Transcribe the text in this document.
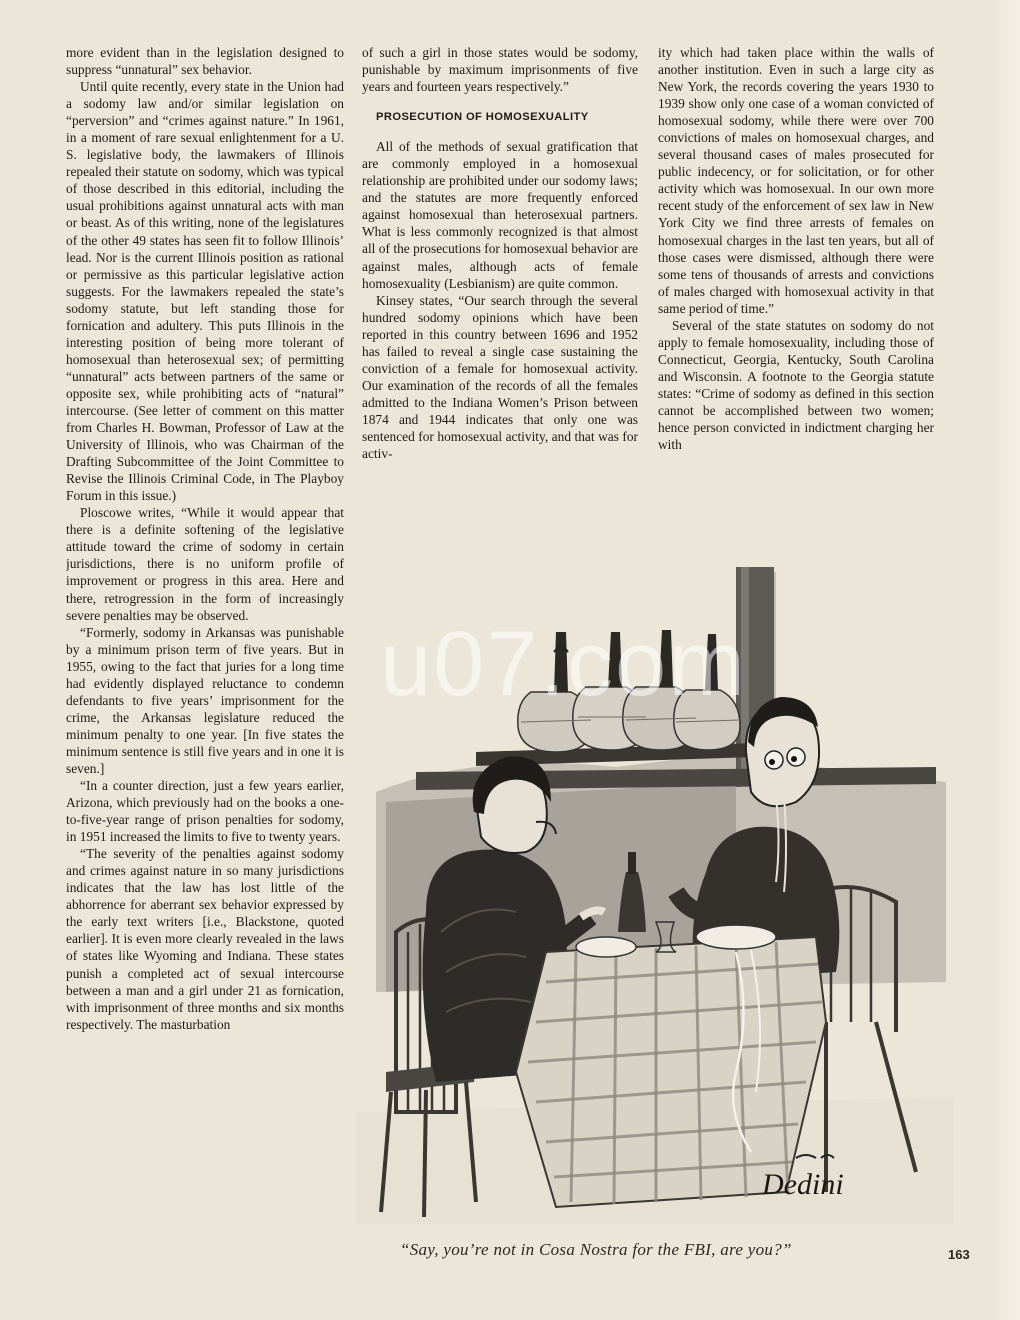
more evident than in the legislation designed to suppress “unnatural” sex behavior.

Until quite recently, every state in the Union had a sodomy law and/or similar legislation on “perversion” and “crimes against nature.” In 1961, in a moment of rare sexual enlightenment for a U. S. legislative body, the lawmakers of Illinois repealed their statute on sodomy, which was typical of those described in this editorial, including the usual prohibitions against unnatural acts with man or beast. As of this writing, none of the legislatures of the other 49 states has seen fit to follow Illinois’ lead. Nor is the current Illinois position as rational or permissive as this particular legislative action suggests. For the lawmakers repealed the state’s sodomy statute, but left standing those for fornication and adultery. This puts Illinois in the interesting position of being more tolerant of homosexual than heterosexual sex; of permitting “unnatural” acts between partners of the same or opposite sex, while prohibiting acts of “natural” intercourse. (See letter of comment on this matter from Charles H. Bowman, Professor of Law at the University of Illinois, who was Chairman of the Drafting Subcommittee of the Joint Committee to Revise the Illinois Criminal Code, in The Playboy Forum in this issue.)

Ploscowe writes, “While it would appear that there is a definite softening of the legislative attitude toward the crime of sodomy in certain jurisdictions, there is no uniform profile of improvement or progress in this area. Here and there, retrogression in the form of increasingly severe penalties may be observed.

“Formerly, sodomy in Arkansas was punishable by a minimum prison term of five years. But in 1955, owing to the fact that juries for a long time had evidently displayed reluctance to condemn defendants to five years’ imprisonment for the crime, the Arkansas legislature reduced the minimum penalty to one year. [In five states the minimum sentence is still five years and in one it is seven.]

“In a counter direction, just a few years earlier, Arizona, which previously had on the books a one-to-five-year range of prison penalties for sodomy, in 1951 increased the limits to five to twenty years.

“The severity of the penalties against sodomy and crimes against nature in so many jurisdictions indicates that the law has lost little of the abhorrence for aberrant sex behavior expressed by the early text writers [i.e., Blackstone, quoted earlier]. It is even more clearly revealed in the laws of states like Wyoming and Indiana. These states punish a completed act of sexual intercourse between a man and a girl under 21 as fornication, with imprisonment of three months and six months respectively. The masturbation

of such a girl in those states would be sodomy, punishable by maximum imprisonments of five years and fourteen years respectively.”

PROSECUTION OF HOMOSEXUALITY

All of the methods of sexual gratification that are commonly employed in a homosexual relationship are prohibited under our sodomy laws; and the statutes are more frequently enforced against homosexual than heterosexual partners. What is less commonly recognized is that almost all of the prosecutions for homosexual behavior are against males, although acts of female homosexuality (Lesbianism) are quite common.

Kinsey states, “Our search through the several hundred sodomy opinions which have been reported in this country between 1696 and 1952 has failed to reveal a single case sustaining the conviction of a female for homosexual activity. Our examination of the records of all the females admitted to the Indiana Women’s Prison between 1874 and 1944 indicates that only one was sentenced for homosexual activity, and that was for activ-

ity which had taken place within the walls of another institution. Even in such a large city as New York, the records covering the years 1930 to 1939 show only one case of a woman convicted of homosexual sodomy, while there were over 700 convictions of males on homosexual charges, and several thousand cases of males prosecuted for public indecency, or for solicitation, or for other activity which was homosexual. In our own more recent study of the enforcement of sex law in New York City we find three arrests of females on homosexual charges in the last ten years, but all of those cases were dismissed, although there were some tens of thousands of arrests and convictions of males charged with homosexual activity in that same period of time.”

Several of the state statutes on sodomy do not apply to female homosexuality, including those of Connecticut, Georgia, Kentucky, South Carolina and Wisconsin. A footnote to the Georgia statute states: “Crime of sodomy as defined in this section cannot be accomplished between two women; hence person convicted in indictment charging her with

u07.com
Dedini
“Say, you’re not in Cosa Nostra for the FBI, are you?”	163
